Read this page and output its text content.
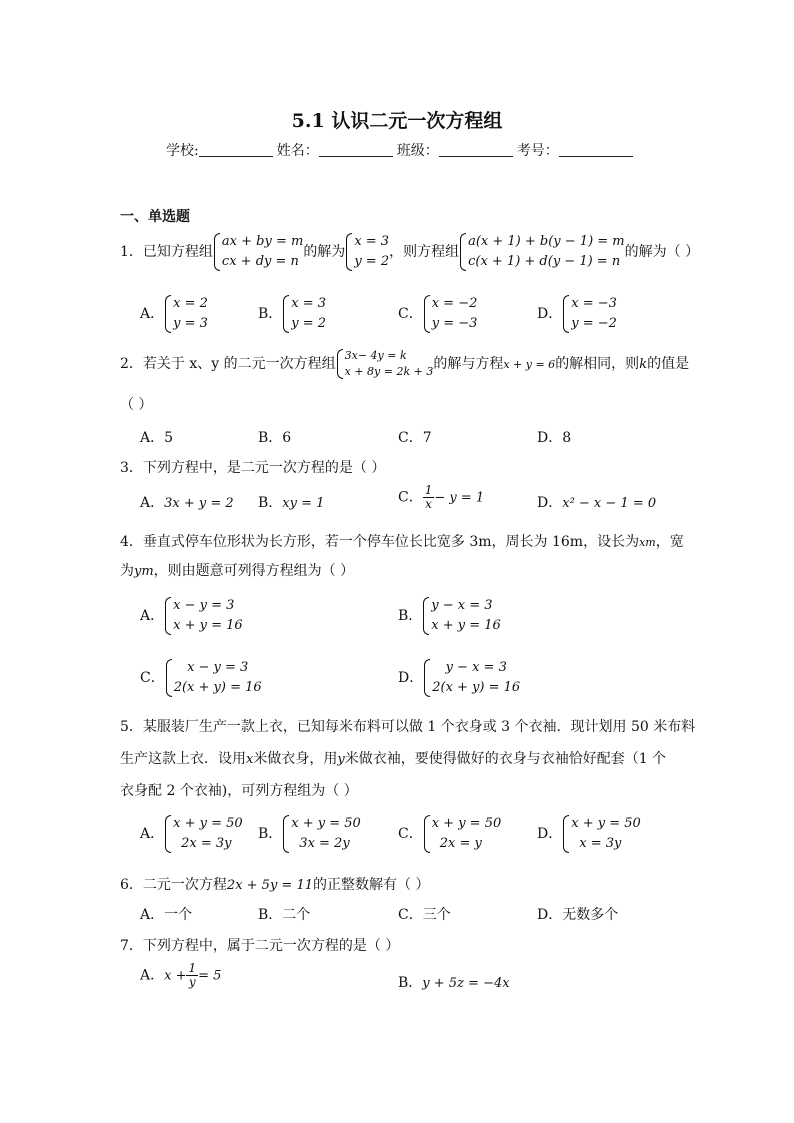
5.1 认识二元一次方程组
学校:	姓名：	班级：	考号：
一、单选题
1．已知方程组
ax + by = m
cx + dy = n
的解为
x = 3
y = 2
，则方程组
a(x + 1) + b(y − 1) = m
c(x + 1) + d(y − 1) = n
的解为（ ）
A．
x = 2
y = 3
B．
x = 3
y = 2
C．
x = −2
y = −3
D．
x = −3
y = −2
2．若关于 x、y 的二元一次方程组
3x− 4y = k
x + 8y = 2k + 3 的解与方程x + y = 6的解相同，则k的值是
（ ）
A．5	B．6	C．7	D．8
3．下列方程中，是二元一次方程的是（ ）
A．3x + y = 2 B．xy = 1	C． $\frac{1}{x} - y = 1$	D．x² − x − 1 = 0
4．垂直式停车位形状为长方形，若一个停车位长比宽多 3m，周长为 16m，设长为xm，宽
为ym，则由题意可列得方程组为（ ）
A．
x − y = 3
x + y = 16
B．
y − x = 3
x + y = 16
C．
x − y = 3
2(x + y) = 16
D．
y − x = 3
2(x + y) = 16
5．某服装厂生产一款上衣，已知每米布料可以做 1 个衣身或 3 个衣袖．现计划用 50 米布料
生产这款上衣．设用x米做衣身，用y米做衣袖，要使得做好的衣身与衣袖恰好配套（1 个
衣身配 2 个衣袖)，可列方程组为（ ）
A．
x + y = 50
2x = 3y
B．
x + y = 50
3x = 2y
C．
x + y = 50
2x = y
D．
x + y = 50
x = 3y
6．二元一次方程2x + 5y = 11的正整数解有（ ）
A．一个	B．二个	C．三个	D．无数多个
7．下列方程中，属于二元一次方程的是（ ）
A．$x + \frac{1}{y} = 5$	B．y + 5z = −4x
